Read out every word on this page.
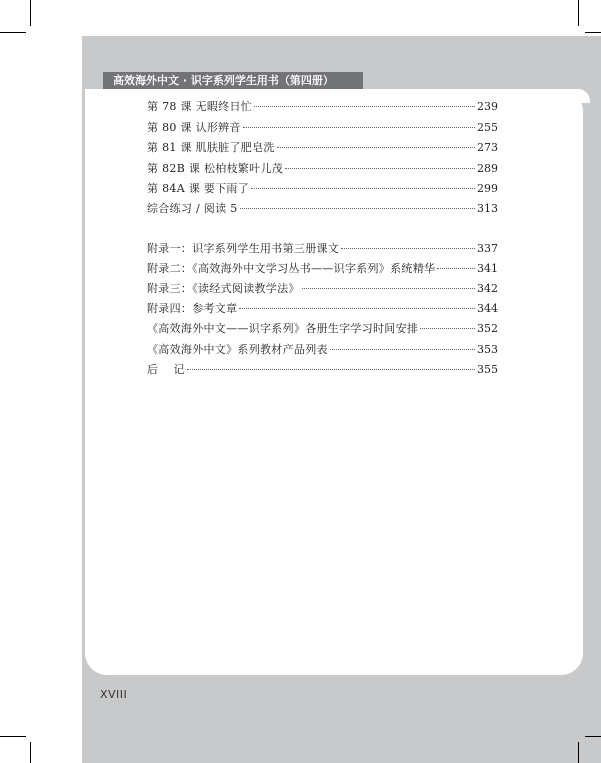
高效海外中文 · 识字系列学生用书（第四册）
第 78 课 无暇终日忙	239
第 80 课 认形辨音	255
第 81 课 肌肤脏了肥皂洗	273
第 82B 课 松柏枝繁叶儿茂	289
第 84A 课 要下雨了	299
综合练习 / 阅读 5	313
附录一：识字系列学生用书第三册课文	337
附录二：《高效海外中文学习丛书——识字系列》系统精华	341
附录三：《读经式阅读教学法》	342
附录四：参考文章	344
《高效海外中文——识字系列》各册生字学习时间安排	352
《高效海外中文》系列教材产品列表	353
后    记	355
XVIII
